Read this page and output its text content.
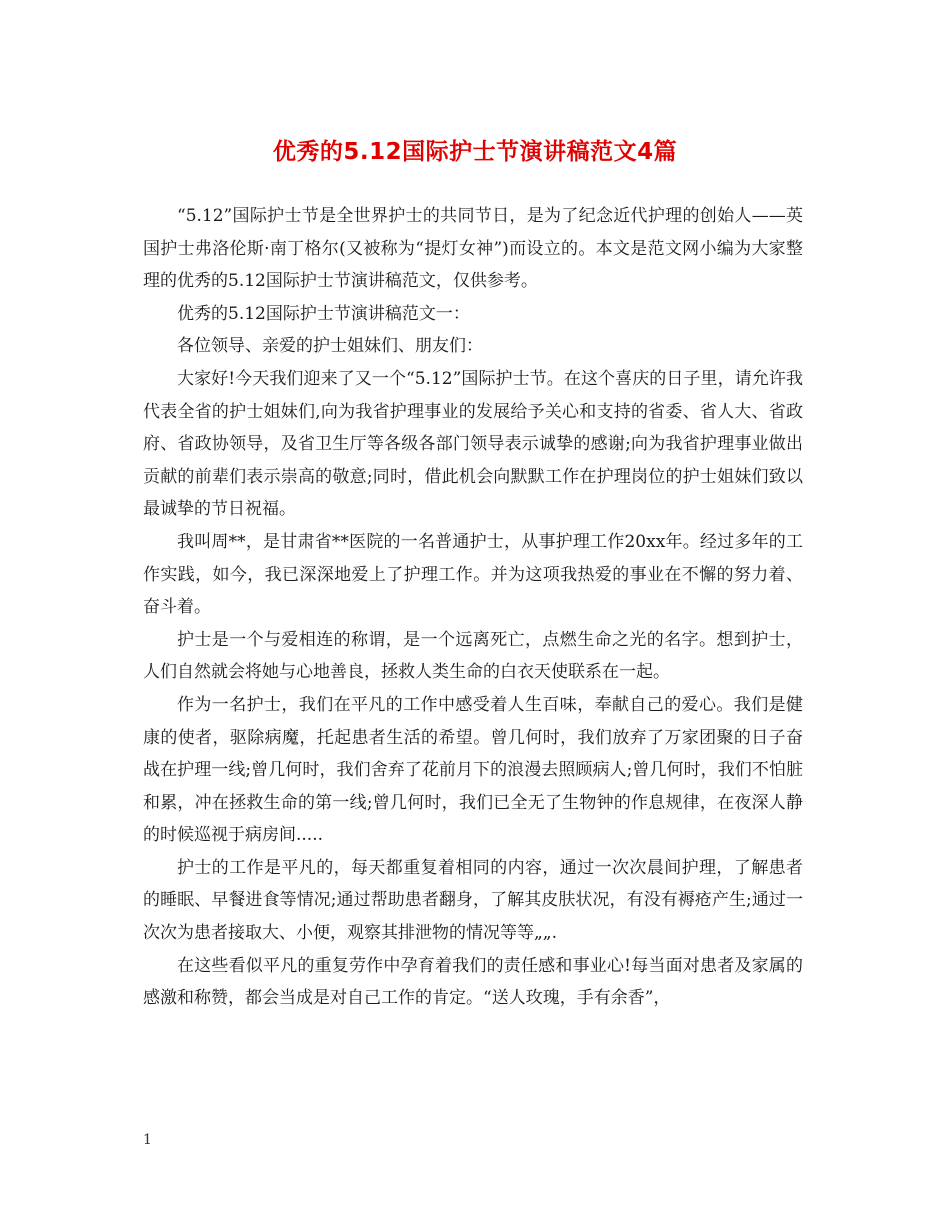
优秀的5.12国际护士节演讲稿范文4篇

“5.12”国际护士节是全世界护士的共同节日，是为了纪念近代护理的创始人——英国护士弗洛伦斯·南丁格尔(又被称为“提灯女神”)而设立的。本文是范文网小编为大家整理的优秀的5.12国际护士节演讲稿范文，仅供参考。

优秀的5.12国际护士节演讲稿范文一：

各位领导、亲爱的护士姐妹们、朋友们：

大家好!今天我们迎来了又一个“5.12”国际护士节。在这个喜庆的日子里，请允许我代表全省的护士姐妹们,向为我省护理事业的发展给予关心和支持的省委、省人大、省政府、省政协领导，及省卫生厅等各级各部门领导表示诚挚的感谢;向为我省护理事业做出贡献的前辈们表示崇高的敬意;同时，借此机会向默默工作在护理岗位的护士姐妹们致以最诚挚的节日祝福。

我叫周**，是甘肃省**医院的一名普通护士，从事护理工作20xx年。经过多年的工作实践，如今，我已深深地爱上了护理工作。并为这项我热爱的事业在不懈的努力着、奋斗着。

护士是一个与爱相连的称谓，是一个远离死亡，点燃生命之光的名字。想到护士，人们自然就会将她与心地善良，拯救人类生命的白衣天使联系在一起。

作为一名护士，我们在平凡的工作中感受着人生百味，奉献自己的爱心。我们是健康的使者，驱除病魔，托起患者生活的希望。曾几何时，我们放弃了万家团聚的日子奋战在护理一线;曾几何时，我们舍弃了花前月下的浪漫去照顾病人;曾几何时，我们不怕脏和累，冲在拯救生命的第一线;曾几何时，我们已全无了生物钟的作息规律，在夜深人静的时候巡视于病房间.....

护士的工作是平凡的，每天都重复着相同的内容，通过一次次晨间护理，了解患者的睡眠、早餐进食等情况;通过帮助患者翻身，了解其皮肤状况，有没有褥疮产生;通过一次次为患者接取大、小便，观察其排泄物的情况等等„„.

在这些看似平凡的重复劳作中孕育着我们的责任感和事业心!每当面对患者及家属的感激和称赞，都会当成是对自己工作的肯定。“送人玫瑰，手有余香”，

1
